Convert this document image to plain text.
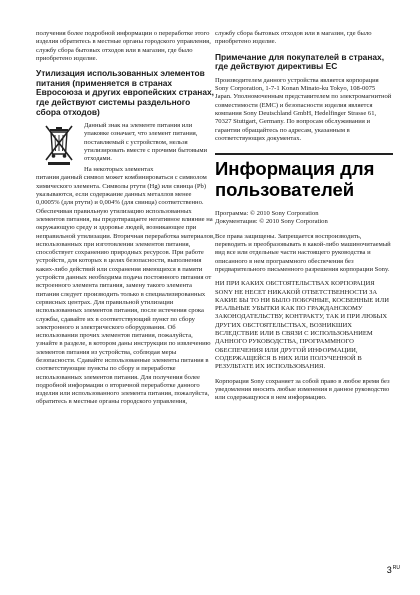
получения более подробной информации о переработке этого изделия обратитесь в местные органы городского управления, службу сбора бытовых отходов или в магазин, где было приобретено изделие.

Утилизация использованных элементов питания (применяется в странах Евросоюза и других европейских странах, где действуют системы раздельного сбора отходов)

Данный знак на элементе питания или упаковке означает, что элемент питания, поставляемый с устройством, нельзя утилизировать вместе с прочими бытовыми отходами.

На некоторых элементах

питания данный символ может комбинироваться с символом химического элемента. Символы ртути (Hg) или свинца (Pb) указываются, если содержание данных металлов менее 0,0005% (для ртути) и 0,004% (для свинца) соответственно. Обеспечивая правильную утилизацию использованных элементов питания, вы предотвращаете негативное влияние на окружающую среду и здоровье людей, возникающее при неправильной утилизации. Вторичная переработка материалов, использованных при изготовлении элементов питания, способствует сохранению природных ресурсов. При работе устройств, для которых в целях безопасности, выполнения каких-либо действий или сохранения имеющихся в памяти устройств данных необходима подача постоянного питания от встроенного элемента питания, замену такого элемента питания следует производить только в специализированных сервисных центрах. Для правильной утилизации использованных элементов питания, после истечения срока службы, сдавайте их в соответствующий пункт по сбору электронного и электрического оборудования. Об использовании прочих элементов питания, пожалуйста, узнайте в разделе, в котором даны инструкции по извлечению элементов питания из устройства, соблюдая меры безопасности. Сдавайте использованные элементы питания в соответствующие пункты по сбору и переработке использованных элементов питания. Для получения более подробной информации о вторичной переработке данного изделия или использованного элемента питания, пожалуйста, обратитесь в местные органы городского управления,

службу сбора бытовых отходов или в магазин, где было приобретено изделие.

Примечание для покупателей в странах, где действуют директивы ЕС

Производителем данного устройства является корпорация Sony Corporation, 1-7-1 Konan Minato-ku Tokyo, 108-0075 Japan. Уполномоченным представителем по электромагнитной совместимости (EMC) и безопасности изделия является компания Sony Deutschland GmbH, Hedelfinger Strasse 61, 70327 Stuttgart, Germany. По вопросам обслуживания и гарантии обращайтесь по адресам, указанным в соответствующих документах.

Информация для пользователей

Программа: © 2010 Sony Corporation

Документация: © 2010 Sony Corporation

Все права защищены. Запрещается воспроизводить, переводить и преобразовывать в какой-либо машиночитаемый вид все или отдельные части настоящего руководства и описанного в нем программного обеспечения без предварительного письменного разрешения корпорации Sony.

НИ ПРИ КАКИХ ОБСТОЯТЕЛЬСТВАХ КОРПОРАЦИЯ SONY НЕ НЕСЕТ НИКАКОЙ ОТВЕТСТВЕННОСТИ ЗА КАКИЕ БЫ ТО НИ БЫЛО ПОБОЧНЫЕ, КОСВЕННЫЕ ИЛИ РЕАЛЬНЫЕ УБЫТКИ КАК ПО ГРАЖДАНСКОМУ ЗАКОНОДАТЕЛЬСТВУ, КОНТРАКТУ, ТАК И ПРИ ЛЮБЫХ ДРУГИХ ОБСТОЯТЕЛЬСТВАХ, ВОЗНИКШИХ ВСЛЕДСТВИЕ ИЛИ В СВЯЗИ С ИСПОЛЬЗОВАНИЕМ ДАННОГО РУКОВОДСТВА, ПРОГРАММНОГО ОБЕСПЕЧЕНИЯ ИЛИ ДРУГОЙ ИНФОРМАЦИИ, СОДЕРЖАЩЕЙСЯ В НИХ ИЛИ ПОЛУЧЕННОЙ В РЕЗУЛЬТАТЕ ИХ ИСПОЛЬЗОВАНИЯ.

Корпорация Sony сохраняет за собой право в любое время без уведомления вносить любые изменения в данное руководство или содержащуюся в нем информацию.

$3^{RU}$
